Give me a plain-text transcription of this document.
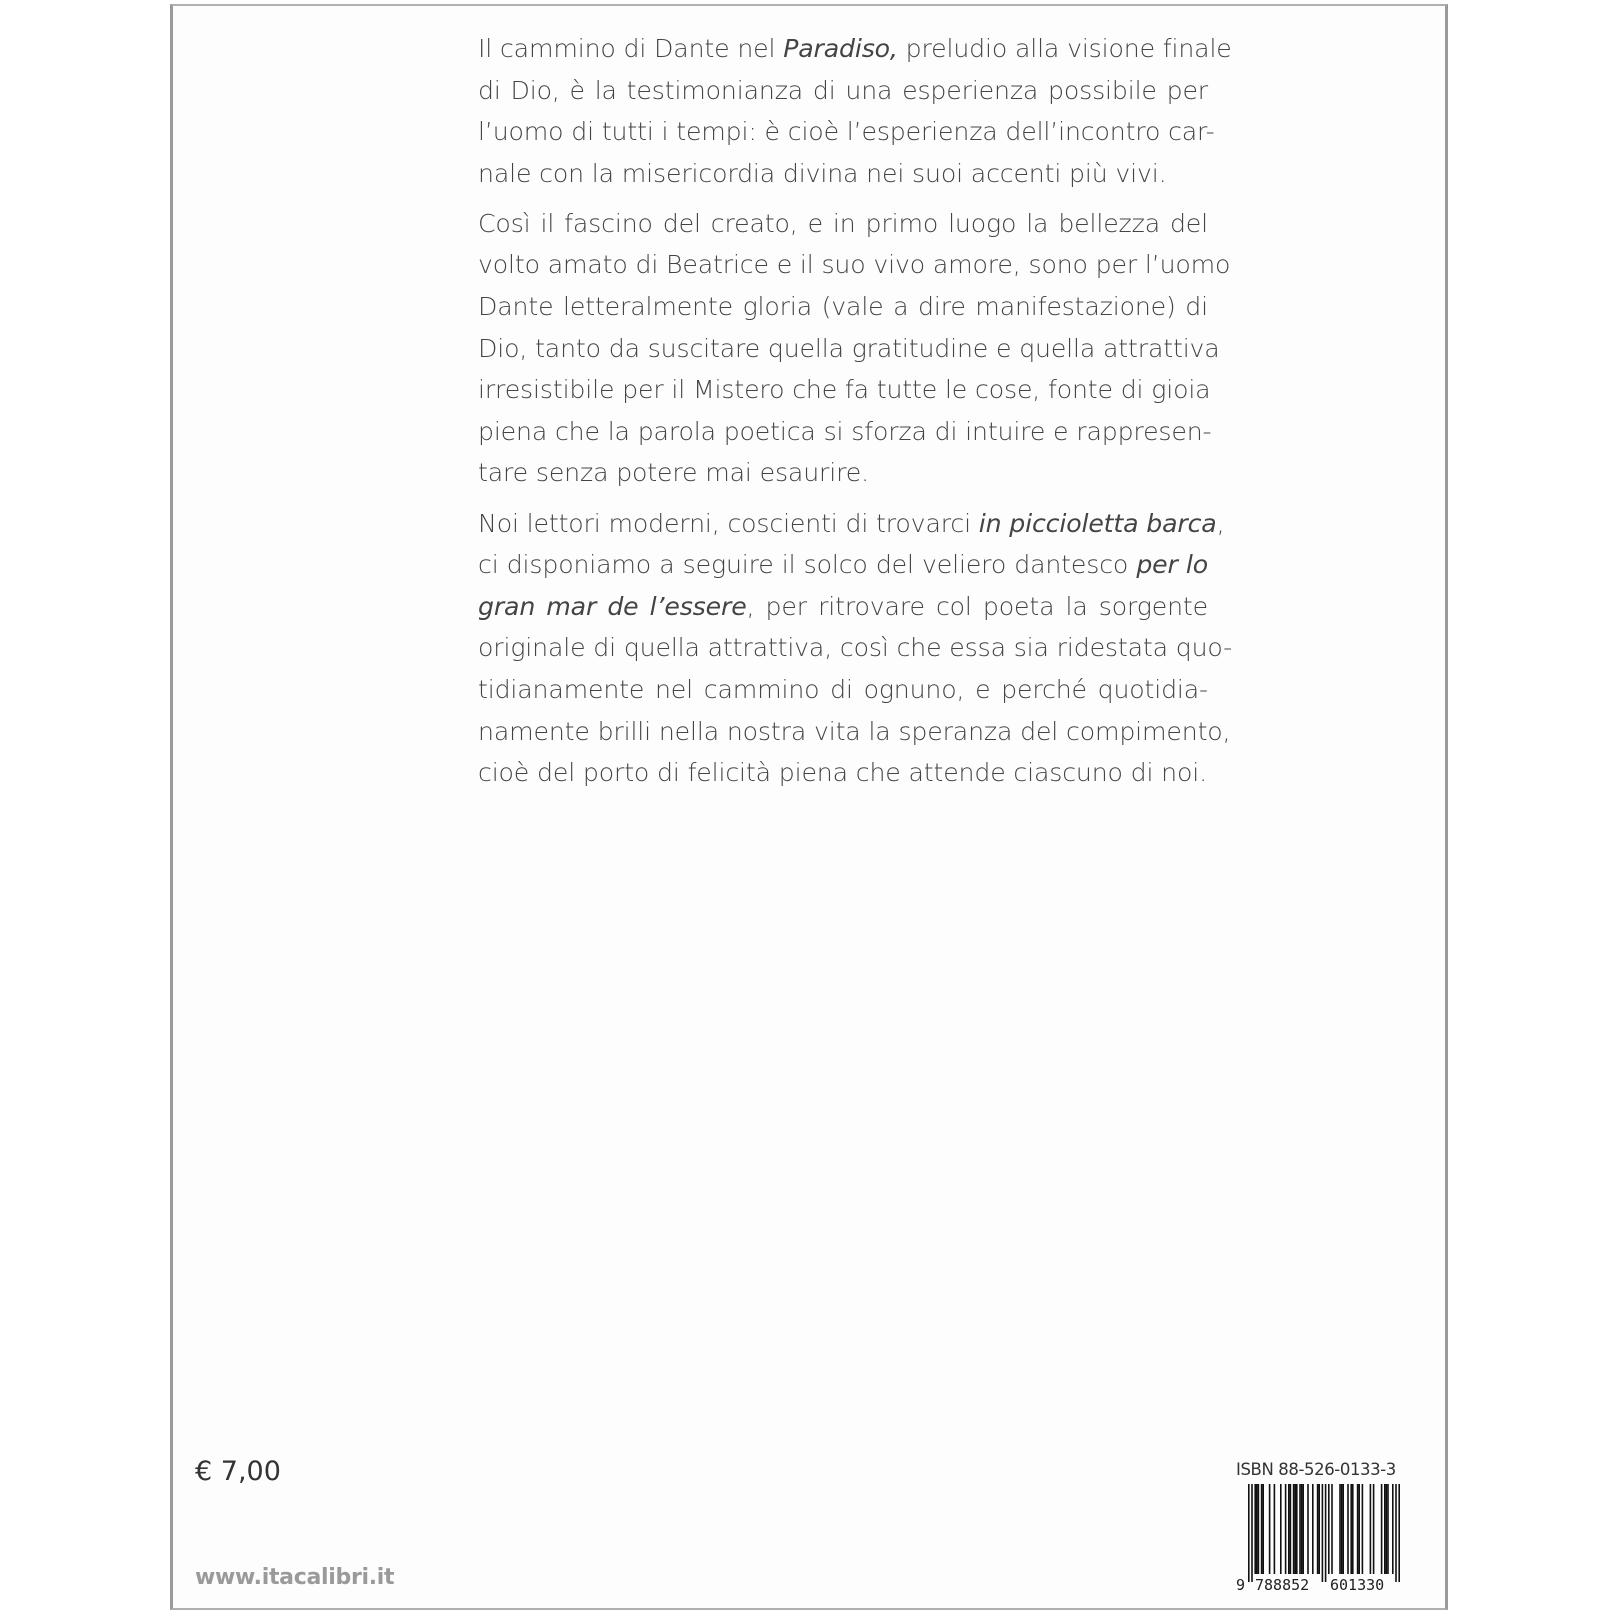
Il cammino di Dante nel Paradiso, preludio alla visione finale
di Dio, è la testimonianza di una esperienza possibile per
l’uomo di tutti i tempi: è cioè l’esperienza dell’incontro car-
nale con la misericordia divina nei suoi accenti più vivi.
Così il fascino del creato, e in primo luogo la bellezza del
volto amato di Beatrice e il suo vivo amore, sono per l’uomo
Dante letteralmente gloria (vale a dire manifestazione) di
Dio, tanto da suscitare quella gratitudine e quella attrattiva
irresistibile per il Mistero che fa tutte le cose, fonte di gioia
piena che la parola poetica si sforza di intuire e rappresen-
tare senza potere mai esaurire.
Noi lettori moderni, coscienti di trovarci in piccioletta barca,
ci disponiamo a seguire il solco del veliero dantesco per lo
gran mar de l’essere, per ritrovare col poeta la sorgente
originale di quella attrattiva, così che essa sia ridestata quo-
tidianamente nel cammino di ognuno, e perché quotidia-
namente brilli nella nostra vita la speranza del compimento,
cioè del porto di felicità piena che attende ciascuno di noi.
€ 7,00
www.itacalibri.it
ISBN 88-526-0133-3
9 788852 601330
